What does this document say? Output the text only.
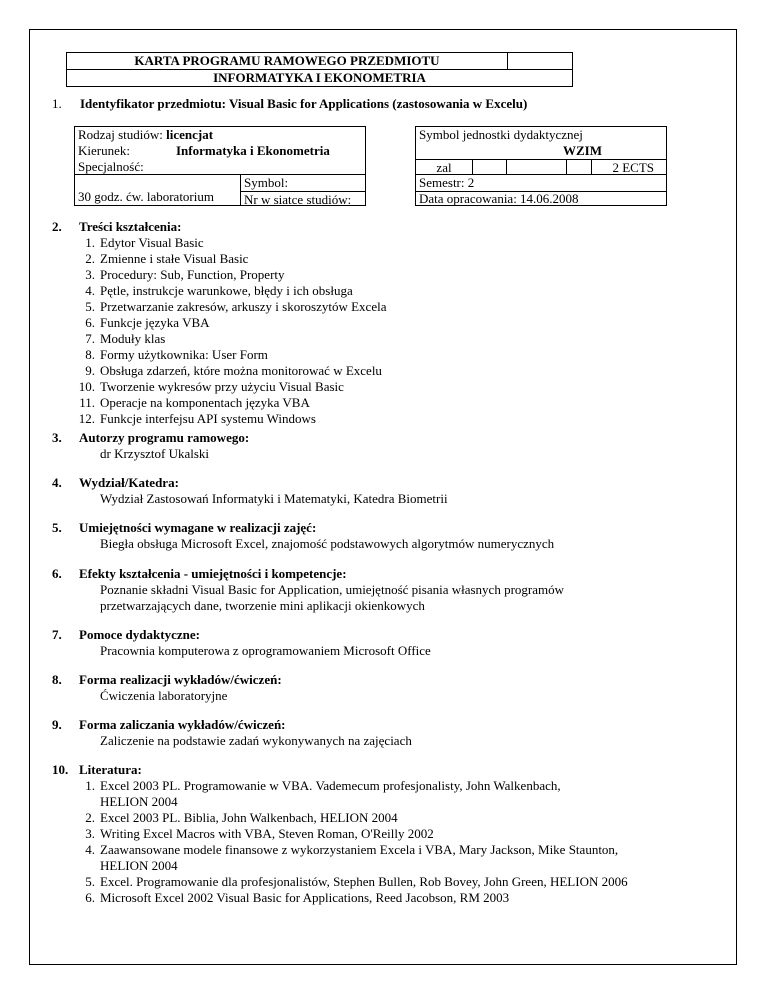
KARTA PROGRAMU RAMOWEGO PRZEDMIOTU
INFORMATYKA I EKONOMETRIA
1. Identyfikator przedmiotu: Visual Basic for Applications (zastosowania w Excelu)
Rodzaj studiów: licencjat
Kierunek:	Informatyka i Ekonometria
Specjalność:
30 godz. ćw. laboratorium
Symbol:
Nr w siatce studiów:
Symbol jednostki dydaktycznej
WZIM
zal	2 ECTS
Semestr: 2
Data opracowania: 14.06.2008
2. Treści kształcenia:
1. Edytor Visual Basic
2. Zmienne i stałe Visual Basic
3. Procedury: Sub, Function, Property
4. Pętle, instrukcje warunkowe, błędy i ich obsługa
5. Przetwarzanie zakresów, arkuszy i skoroszytów Excela
6. Funkcje języka VBA
7. Moduły klas
8. Formy użytkownika: User Form
9. Obsługa zdarzeń, które można monitorować w Excelu
10. Tworzenie wykresów przy użyciu Visual Basic
11. Operacje na komponentach języka VBA
12. Funkcje interfejsu API systemu Windows
3. Autorzy programu ramowego:
dr Krzysztof Ukalski
4. Wydział/Katedra:
Wydział Zastosowań Informatyki i Matematyki, Katedra Biometrii
5. Umiejętności wymagane w realizacji zajęć:
Biegła obsługa Microsoft Excel, znajomość podstawowych algorytmów numerycznych
6. Efekty kształcenia - umiejętności i kompetencje:
Poznanie składni Visual Basic for Application, umiejętność pisania własnych programów
przetwarzających dane, tworzenie mini aplikacji okienkowych
7. Pomoce dydaktyczne:
Pracownia komputerowa z oprogramowaniem Microsoft Office
8. Forma realizacji wykładów/ćwiczeń:
Ćwiczenia laboratoryjne
9. Forma zaliczania wykładów/ćwiczeń:
Zaliczenie na podstawie zadań wykonywanych na zajęciach
10. Literatura:
1. Excel 2003 PL. Programowanie w VBA. Vademecum profesjonalisty, John Walkenbach,
HELION 2004
2. Excel 2003 PL. Biblia, John Walkenbach, HELION 2004
3. Writing Excel Macros with VBA, Steven Roman, O'Reilly 2002
4. Zaawansowane modele finansowe z wykorzystaniem Excela i VBA, Mary Jackson, Mike Staunton,
HELION 2004
5. Excel. Programowanie dla profesjonalistów, Stephen Bullen, Rob Bovey, John Green, HELION 2006
6. Microsoft Excel 2002 Visual Basic for Applications, Reed Jacobson, RM 2003
